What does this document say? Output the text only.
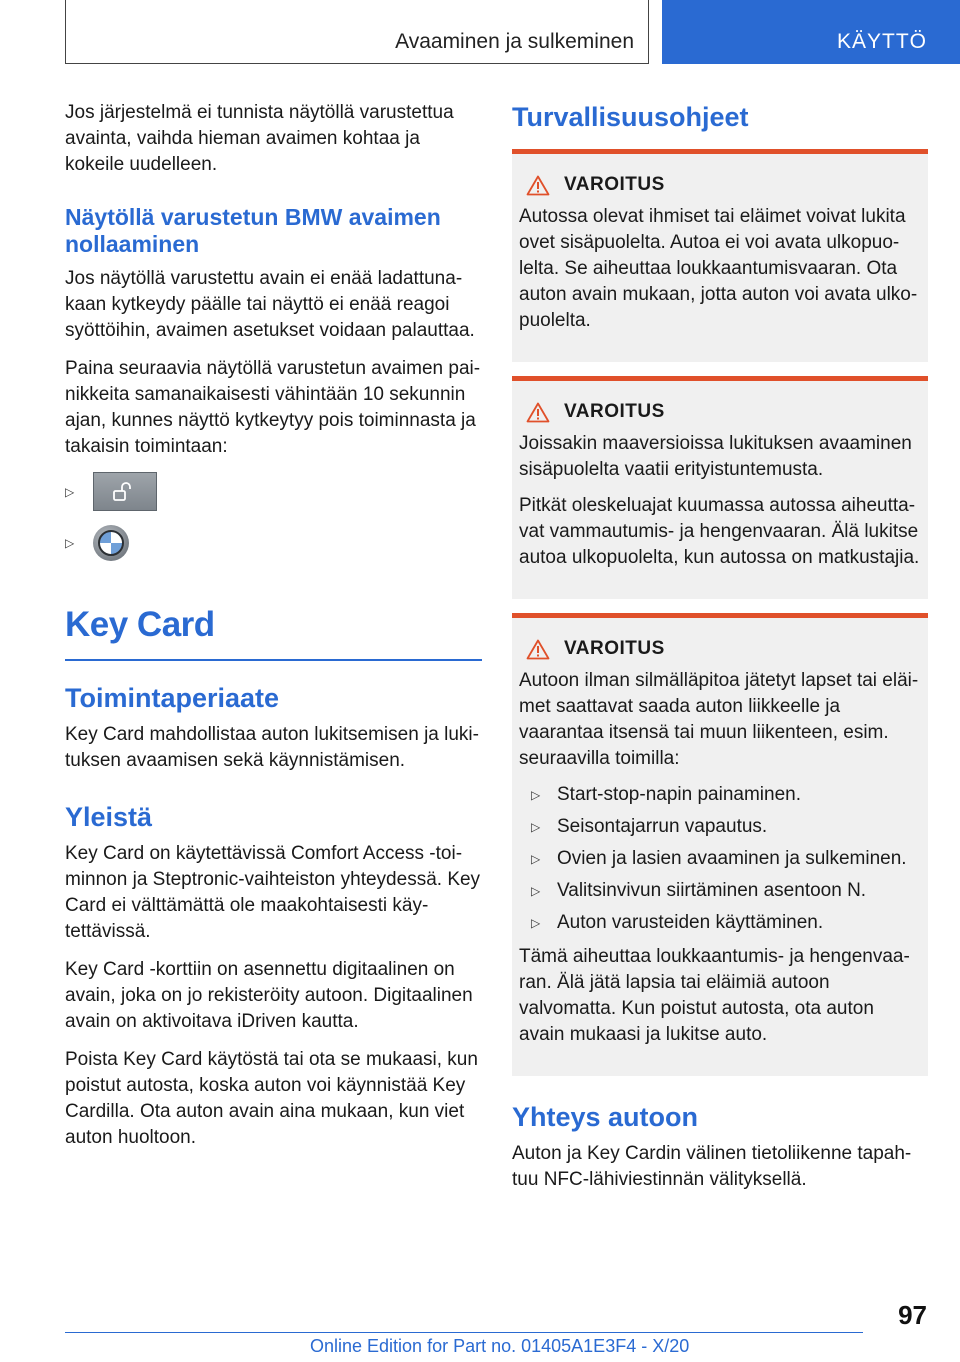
Avaaminen ja sulkeminen	KÄYTTÖ

Jos järjestelmä ei tunnista näytöllä varustettua avainta, vaihda hieman avaimen kohtaa ja kokeile uudelleen.

Näytöllä varustetun BMW avaimen nollaaminen

Jos näytöllä varustettu avain ei enää ladattuna-kaan kytkeydy päälle tai näyttö ei enää reagoi syöttöihin, avaimen asetukset voidaan palauttaa.

Paina seuraavia näytöllä varustetun avaimen pai-nikkeita samanaikaisesti vähintään 10 sekunnin ajan, kunnes näyttö kytkeytyy pois toiminnasta ja takaisin toimintaan:

▷
▷
Key Card
Toimintaperiaate

Key Card mahdollistaa auton lukitsemisen ja luki-tuksen avaamisen sekä käynnistämisen.

Yleistä

Key Card on käytettävissä Comfort Access -toi-minnon ja Steptronic-vaihteiston yhteydessä. Key Card ei välttämättä ole maakohtaisesti käy-tettävissä.

Key Card -korttiin on asennettu digitaalinen on avain, joka on jo rekisteröity autoon. Digitaalinen avain on aktivoitava iDriven kautta.

Poista Key Card käytöstä tai ota se mukaasi, kun poistut autosta, koska auton voi käynnistää Key Cardilla. Ota auton avain aina mukaan, kun viet auton huoltoon.

Turvallisuusohjeet
VAROITUS

Autossa olevat ihmiset tai eläimet voivat lukita ovet sisäpuolelta. Autoa ei voi avata ulkopuo-lelta. Se aiheuttaa loukkaantumisvaaran. Ota auton avain mukaan, jotta auton voi avata ulko-puolelta.

VAROITUS

Joissakin maaversioissa lukituksen avaaminen sisäpuolelta vaatii erityistuntemusta.

Pitkät oleskeluajat kuumassa autossa aiheutta-vat vammautumis- ja hengenvaaran. Älä lukitse autoa ulkopuolelta, kun autossa on matkustajia.

VAROITUS

Autoon ilman silmälläpitoa jätetyt lapset tai eläi-met saattavat saada auton liikkeelle ja vaarantaa itsensä tai muun liikenteen, esim. seuraavilla toimilla:

▷ Start-stop-napin painaminen.
▷ Seisontajarrun vapautus.
▷ Ovien ja lasien avaaminen ja sulkeminen.
▷ Valitsinvivun siirtäminen asentoon N.
▷ Auton varusteiden käyttäminen.

Tämä aiheuttaa loukkaantumis- ja hengenvaa-ran. Älä jätä lapsia tai eläimiä autoon valvomatta. Kun poistut autosta, ota auton avain mukaasi ja lukitse auto.

Yhteys autoon

Auton ja Key Cardin välinen tietoliikenne tapah-tuu NFC-lähiviestinnän välityksellä.

97
Online Edition for Part no. 01405A1E3F4 - X/20
